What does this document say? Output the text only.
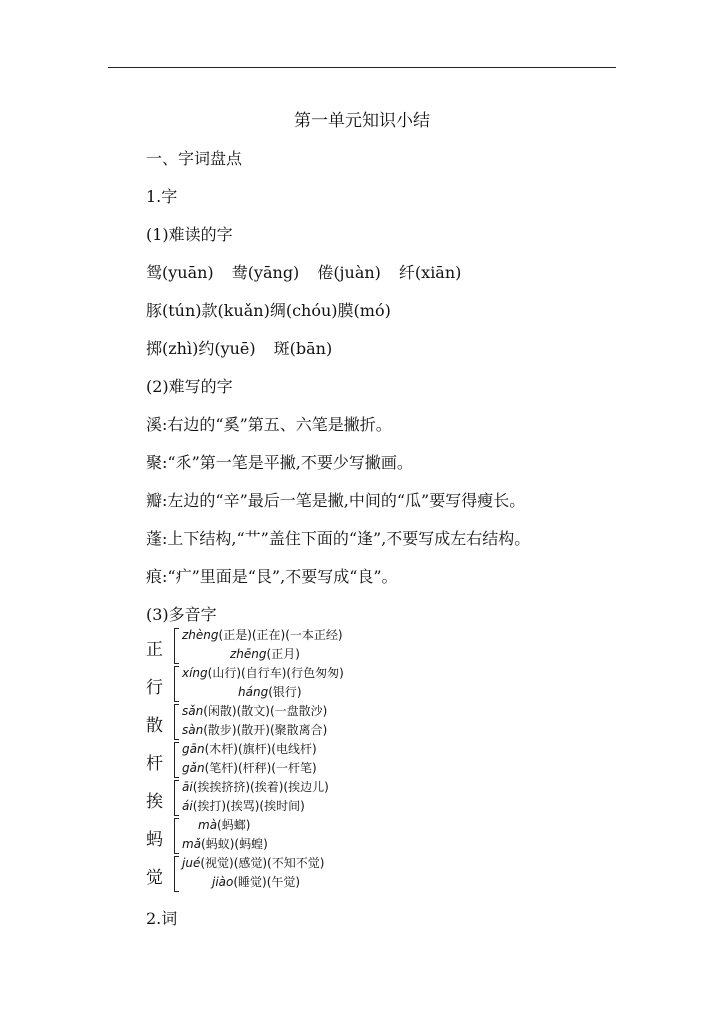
第一单元知识小结
一、字词盘点
1.字
(1)难读的字
鸳(yuān) 鸯(yāng) 倦(juàn) 纤(xiān)
豚(tún)款(kuǎn)绸(chóu)膜(mó)
掷(zhì)约(yuē) 斑(bān)
(2)难写的字
溪:右边的“奚”第五、六笔是撇折。
聚:“乑”第一笔是平撇,不要少写撇画。
瓣:左边的“辛”最后一笔是撇,中间的“瓜”要写得瘦长。
蓬:上下结构,“艹”盖住下面的“逢”,不要写成左右结构。
痕:“疒”里面是“艮”,不要写成“良”。
(3)多音字
正
zhèng(正是)(正在)(一本正经)
zhēng(正月)
行
xíng(山行)(自行车)(行色匆匆)
háng(银行)
散
sǎn(闲散)(散文)(一盘散沙)
sàn(散步)(散开)(聚散离合)
杆
gān(木杆)(旗杆)(电线杆)
gǎn(笔杆)(杆秤)(一杆笔)
挨
āi(挨挨挤挤)(挨着)(挨边儿)
ái(挨打)(挨骂)(挨时间)
蚂
mà(蚂螂)
mǎ(蚂蚁)(蚂蝗)
觉
jué(视觉)(感觉)(不知不觉)
jiào(睡觉)(午觉)
2.词
